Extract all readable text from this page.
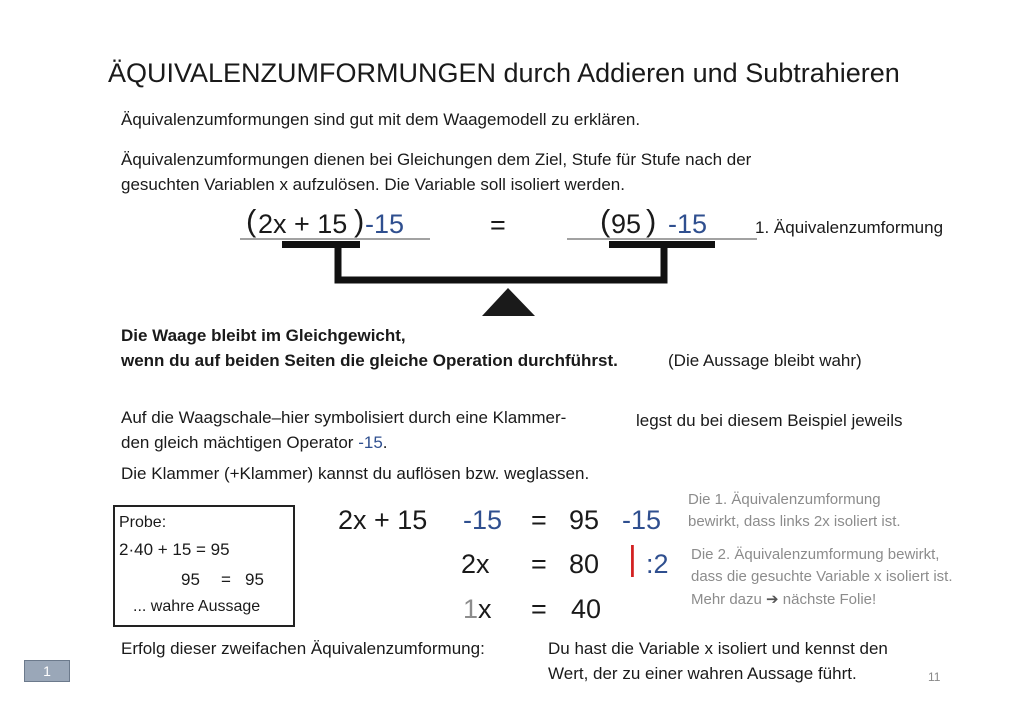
ÄQUIVALENZUMFORMUNGEN durch Addieren und Subtrahieren
Äquivalenzumformungen sind gut mit dem Waagemodell zu erklären.
Äquivalenzumformungen dienen bei Gleichungen dem Ziel, Stufe für Stufe nach der
gesuchten Variablen x aufzulösen. Die Variable soll isoliert werden.
( 2x + 15 ) -15	=	( 95 ) -15	1. Äquivalenzumformung
Die Waage bleibt im Gleichgewicht,
wenn du auf beiden Seiten die gleiche Operation durchführst.	(Die Aussage bleibt wahr)
Auf die Waagschale–hier symbolisiert durch eine Klammer-	legst du bei diesem Beispiel jeweils
den gleich mächtigen Operator -15.
Die Klammer (+Klammer) kannst du auflösen bzw. weglassen.
Probe:
2·40 + 15 = 95
95 = 95
... wahre Aussage
2x + 15 -15 = 95 -15
2x = 80 | :2
1x = 40
Die 1. Äquivalenzumformung
bewirkt, dass links 2x isoliert ist.
Die 2. Äquivalenzumformung bewirkt,
dass die gesuchte Variable x isoliert ist.
Mehr dazu ➔ nächste Folie!
Erfolg dieser zweifachen Äquivalenzumformung:	Du hast die Variable x isoliert und kennst den
Wert, der zu einer wahren Aussage führt.
1	11
